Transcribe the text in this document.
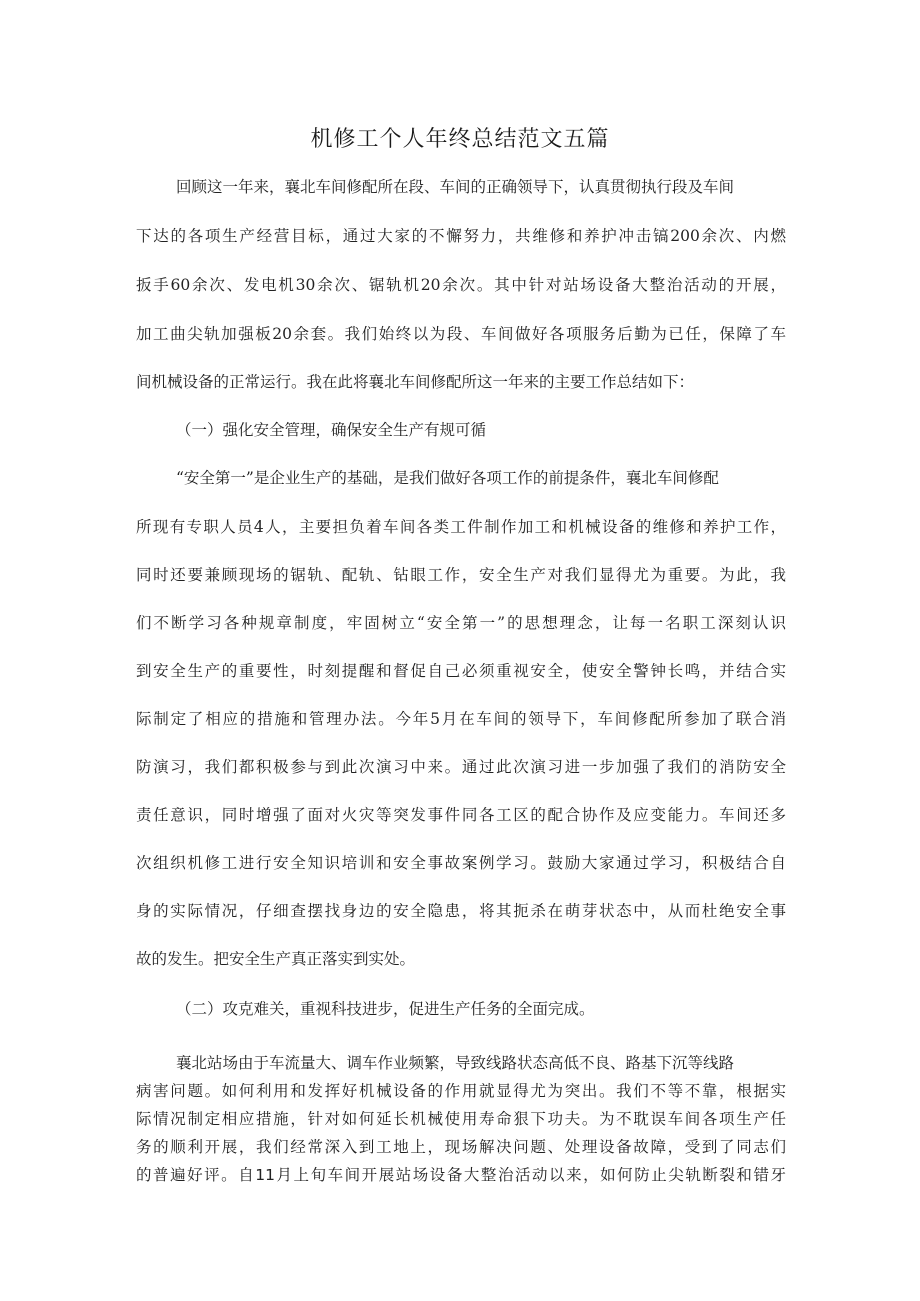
机修工个人年终总结范文五篇
回顾这一年来，襄北车间修配所在段、车间的正确领导下，认真贯彻执行段及车间
下达的各项生产经营目标，通过大家的不懈努力，共维修和养护冲击镐200余次、内燃
扳手60余次、发电机30余次、锯轨机20余次。其中针对站场设备大整治活动的开展，
加工曲尖轨加强板20余套。我们始终以为段、车间做好各项服务后勤为已任，保障了车
间机械设备的正常运行。我在此将襄北车间修配所这一年来的主要工作总结如下：
（一）强化安全管理，确保安全生产有规可循
“安全第一”是企业生产的基础，是我们做好各项工作的前提条件，襄北车间修配
所现有专职人员4人，主要担负着车间各类工件制作加工和机械设备的维修和养护工作，
同时还要兼顾现场的锯轨、配轨、钻眼工作，安全生产对我们显得尤为重要。为此，我
们不断学习各种规章制度，牢固树立“安全第一”的思想理念，让每一名职工深刻认识
到安全生产的重要性，时刻提醒和督促自己必须重视安全，使安全警钟长鸣，并结合实
际制定了相应的措施和管理办法。今年5月在车间的领导下，车间修配所参加了联合消
防演习，我们都积极参与到此次演习中来。通过此次演习进一步加强了我们的消防安全
责任意识，同时增强了面对火灾等突发事件同各工区的配合协作及应变能力。车间还多
次组织机修工进行安全知识培训和安全事故案例学习。鼓励大家通过学习，积极结合自
身的实际情况，仔细查摆找身边的安全隐患，将其扼杀在萌芽状态中，从而杜绝安全事
故的发生。把安全生产真正落实到实处。
（二）攻克难关，重视科技进步，促进生产任务的全面完成。
襄北站场由于车流量大、调车作业频繁，导致线路状态高低不良、路基下沉等线路
病害问题。如何利用和发挥好机械设备的作用就显得尤为突出。我们不等不靠，根据实
际情况制定相应措施，针对如何延长机械使用寿命狠下功夫。为不耽误车间各项生产任
务的顺利开展，我们经常深入到工地上，现场解决问题、处理设备故障，受到了同志们
的普遍好评。自11月上旬车间开展站场设备大整治活动以来，如何防止尖轨断裂和错牙
